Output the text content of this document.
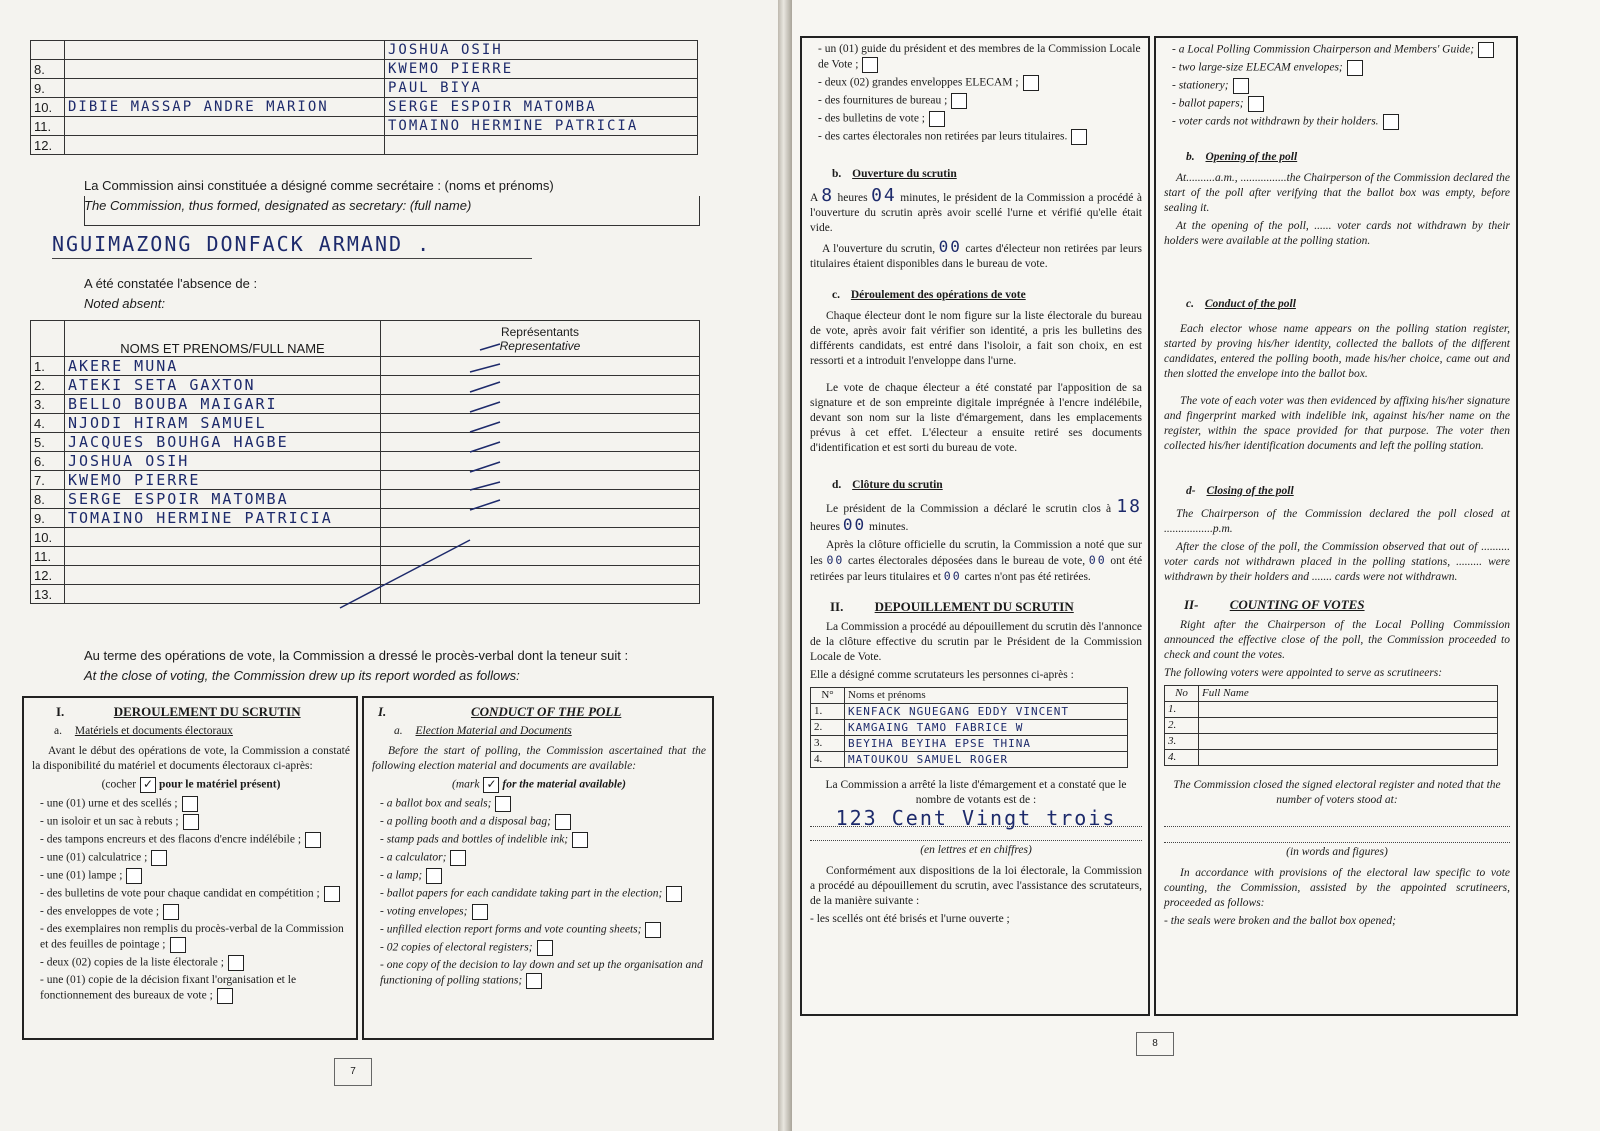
		JOSHUA OSIH
8.		KWEMO PIERRE
9.		PAUL BIYA
10.	DIBIE MASSAP ANDRE MARION	SERGE ESPOIR MATOMBA
11.		TOMAINO HERMINE PATRICIA
12.		
La Commission ainsi constituée a désigné comme secrétaire : (noms et prénoms)
The Commission, thus formed, designated as secretary: (full name)
NGUIMAZONG DONFACK ARMAND .
A été constatée l'absence de :
Noted absent:
	NOMS ET PRENOMS/FULL NAME	Représentants
Representative

1.	AKERE MUNA	
2.	ATEKI SETA GAXTON	
3.	BELLO BOUBA MAIGARI	
4.	NJODI HIRAM SAMUEL	
5.	JACQUES BOUHGA HAGBE	
6.	JOSHUA OSIH	
7.	KWEMO PIERRE	
8.	SERGE ESPOIR MATOMBA	
9.	TOMAINO HERMINE PATRICIA	
10.		
11.		
12.		
13.		
Au terme des opérations de vote, la Commission a dressé le procès-verbal dont la teneur suit :
At the close of voting, the Commission drew up its report worded as follows:
I.	DEROULEMENT DU SCRUTIN
a. Matériels et documents électoraux

Avant le début des opérations de vote, la Commission a constaté la disponibilité du matériel et documents électoraux ci-après:

(cocher ✓ pour le matériel présent)

- une (01) urne et des scellés ;
- un isoloir et un sac à rebuts ;
- des tampons encreurs et des flacons d'encre indélébile ;
- une (01) calculatrice ;
- une (01) lampe ;
- des bulletins de vote pour chaque candidat en compétition ;
- des enveloppes de vote ;
- des exemplaires non remplis du procès-verbal de la Commission et des feuilles de pointage ;
- deux (02) copies de la liste électorale ;
- une (01) copie de la décision fixant l'organisation et le fonctionnement des bureaux de vote ;
I.	CONDUCT OF THE POLL
a. Election Material and Documents

Before the start of polling, the Commission ascertained that the following election material and documents are available:

(mark ✓ for the material available)

- a ballot box and seals;
- a polling booth and a disposal bag;
- stamp pads and bottles of indelible ink;
- a calculator;
- a lamp;
- ballot papers for each candidate taking part in the election;
- voting envelopes;
- unfilled election report forms and vote counting sheets;
- 02 copies of electoral registers;
- one copy of the decision to lay down and set up the organisation and functioning of polling stations;
7
- un (01) guide du président et des membres de la Commission Locale de Vote ;
- deux (02) grandes enveloppes ELECAM ;
- des fournitures de bureau ;
- des bulletins de vote ;
- des cartes électorales non retirées par leurs titulaires.
b. Ouverture du scrutin

A 8 heures 04 minutes, le président de la Commission a procédé à l'ouverture du scrutin après avoir scellé l'urne et vérifié qu'elle était vide.

A l'ouverture du scrutin, 00 cartes d'électeur non retirées par leurs titulaires étaient disponibles dans le bureau de vote.

c. Déroulement des opérations de vote

Chaque électeur dont le nom figure sur la liste électorale du bureau de vote, après avoir fait vérifier son identité, a pris les bulletins des différents candidats, est entré dans l'isoloir, a fait son choix, en est ressorti et a introduit l'enveloppe dans l'urne.

Le vote de chaque électeur a été constaté par l'apposition de sa signature et de son empreinte digitale imprégnée à l'encre indélébile, devant son nom sur la liste d'émargement, dans les emplacements prévus à cet effet. L'électeur a ensuite retiré ses documents d'identification et est sorti du bureau de vote.

d. Clôture du scrutin

Le président de la Commission a déclaré le scrutin clos à 18 heures 00 minutes.

Après la clôture officielle du scrutin, la Commission a noté que sur les 00 cartes électorales déposées dans le bureau de vote, 00 ont été retirées par leurs titulaires et 00 cartes n'ont pas été retirées.

II. DEPOUILLEMENT DU SCRUTIN

La Commission a procédé au dépouillement du scrutin dès l'annonce de la clôture effective du scrutin par le Président de la Commission Locale de Vote.

Elle a désigné comme scrutateurs les personnes ci-après :

N°	Noms et prénoms
1.	KENFACK NGUEGANG EDDY VINCENT
2.	KAMGAING TAMO FABRICE W
3.	BEYIHA BEYIHA EPSE THINA
4.	MATOUKOU SAMUEL ROGER

La Commission a arrêté la liste d'émargement et a constaté que le nombre de votants est de :

123 Cent Vingt trois

(en lettres et en chiffres)

Conformément aux dispositions de la loi électorale, la Commission a procédé au dépouillement du scrutin, avec l'assistance des scrutateurs, de la manière suivante :

- les scellés ont été brisés et l'urne ouverte ;

- a Local Polling Commission Chairperson and Members' Guide;
- two large-size ELECAM envelopes;
- stationery;
- ballot papers;
- voter cards not withdrawn by their holders.
b. Opening of the poll

At..........a.m., ................the Chairperson of the Commission declared the start of the poll after verifying that the ballot box was empty, before sealing it.

At the opening of the poll, ...... voter cards not withdrawn by their holders were available at the polling station.

c. Conduct of the poll

Each elector whose name appears on the polling station register, started by proving his/her identity, collected the ballots of the different candidates, entered the polling booth, made his/her choice, came out and then slotted the envelope into the ballot box.

The vote of each voter was then evidenced by affixing his/her signature and fingerprint marked with indelible ink, against his/her name on the register, within the space provided for that purpose. The voter then collected his/her identification documents and left the polling station.

d- Closing of the poll

The Chairperson of the Commission declared the poll closed at .................p.m.

After the close of the poll, the Commission observed that out of .......... voter cards not withdrawn placed in the polling stations, ......... were withdrawn by their holders and ....... cards were not withdrawn.

II- COUNTING OF VOTES

Right after the Chairperson of the Local Polling Commission announced the effective close of the poll, the Commission proceeded to check and count the votes.

The following voters were appointed to serve as scrutineers:

No	Full Name
1.	
2.	
3.	
4.	

The Commission closed the signed electoral register and noted that the number of voters stood at:

(in words and figures)

In accordance with provisions of the electoral law specific to vote counting, the Commission, assisted by the appointed scrutineers, proceeded as follows:

- the seals were broken and the ballot box opened;

8
